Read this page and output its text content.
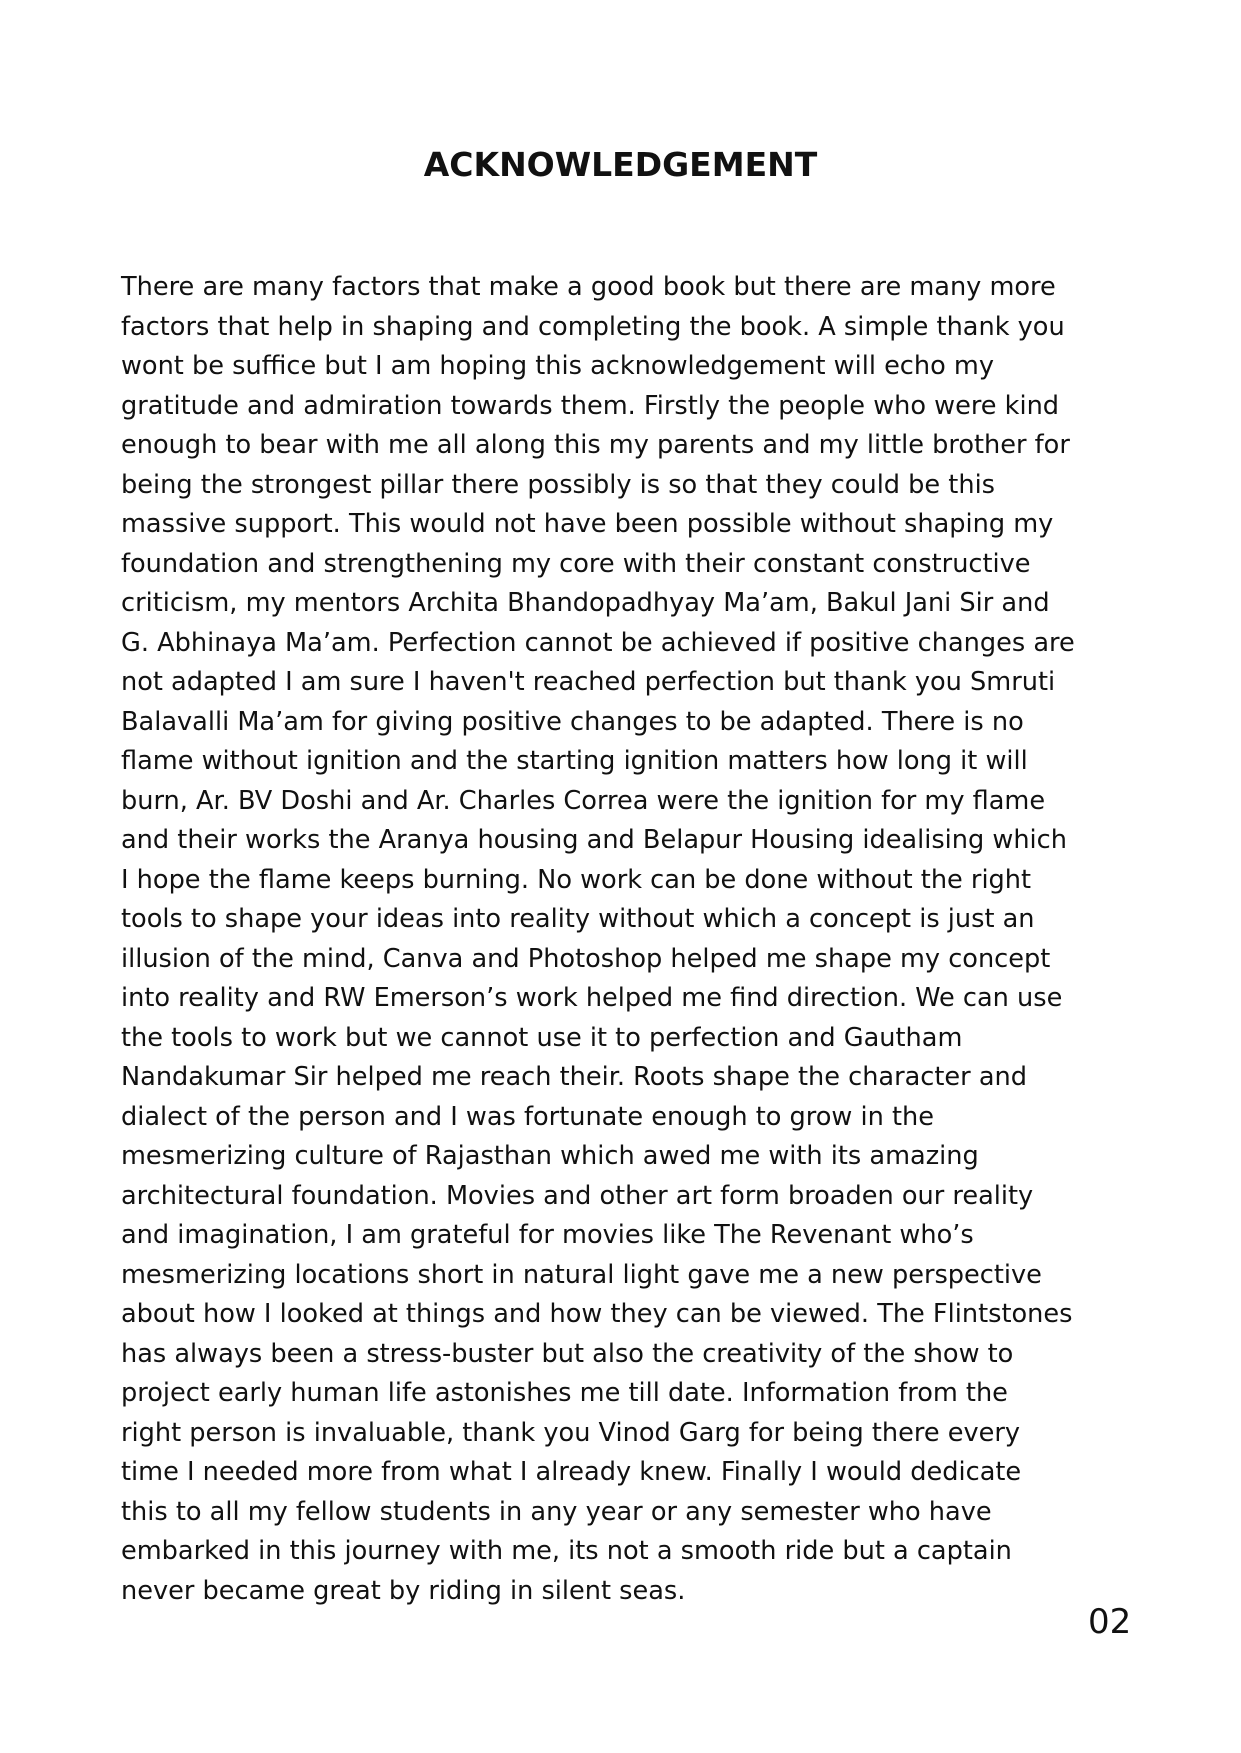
ACKNOWLEDGEMENT
There are many factors that make a good book but there are many more
factors that help in shaping and completing the book. A simple thank you
wont be suffice but I am hoping this acknowledgement will echo my
gratitude and admiration towards them. Firstly the people who were kind
enough to bear with me all along this my parents and my little brother for
being the strongest pillar there possibly is so that they could be this
massive support. This would not have been possible without shaping my
foundation and strengthening my core with their constant constructive
criticism, my mentors Archita Bhandopadhyay Ma’am, Bakul Jani Sir and
G. Abhinaya Ma’am. Perfection cannot be achieved if positive changes are
not adapted I am sure I haven't reached perfection but thank you Smruti
Balavalli Ma’am for giving positive changes to be adapted. There is no
flame without ignition and the starting ignition matters how long it will
burn, Ar. BV Doshi and Ar. Charles Correa were the ignition for my flame
and their works the Aranya housing and Belapur Housing idealising which
I hope the flame keeps burning. No work can be done without the right
tools to shape your ideas into reality without which a concept is just an
illusion of the mind, Canva and Photoshop helped me shape my concept
into reality and RW Emerson’s work helped me find direction. We can use
the tools to work but we cannot use it to perfection and Gautham
Nandakumar Sir helped me reach their. Roots shape the character and
dialect of the person and I was fortunate enough to grow in the
mesmerizing culture of Rajasthan which awed me with its amazing
architectural foundation. Movies and other art form broaden our reality
and imagination, I am grateful for movies like The Revenant who’s
mesmerizing locations short in natural light gave me a new perspective
about how I looked at things and how they can be viewed. The Flintstones
has always been a stress-buster but also the creativity of the show to
project early human life astonishes me till date. Information from the
right person is invaluable, thank you Vinod Garg for being there every
time I needed more from what I already knew. Finally I would dedicate
this to all my fellow students in any year or any semester who have
embarked in this journey with me, its not a smooth ride but a captain
never became great by riding in silent seas.
02
